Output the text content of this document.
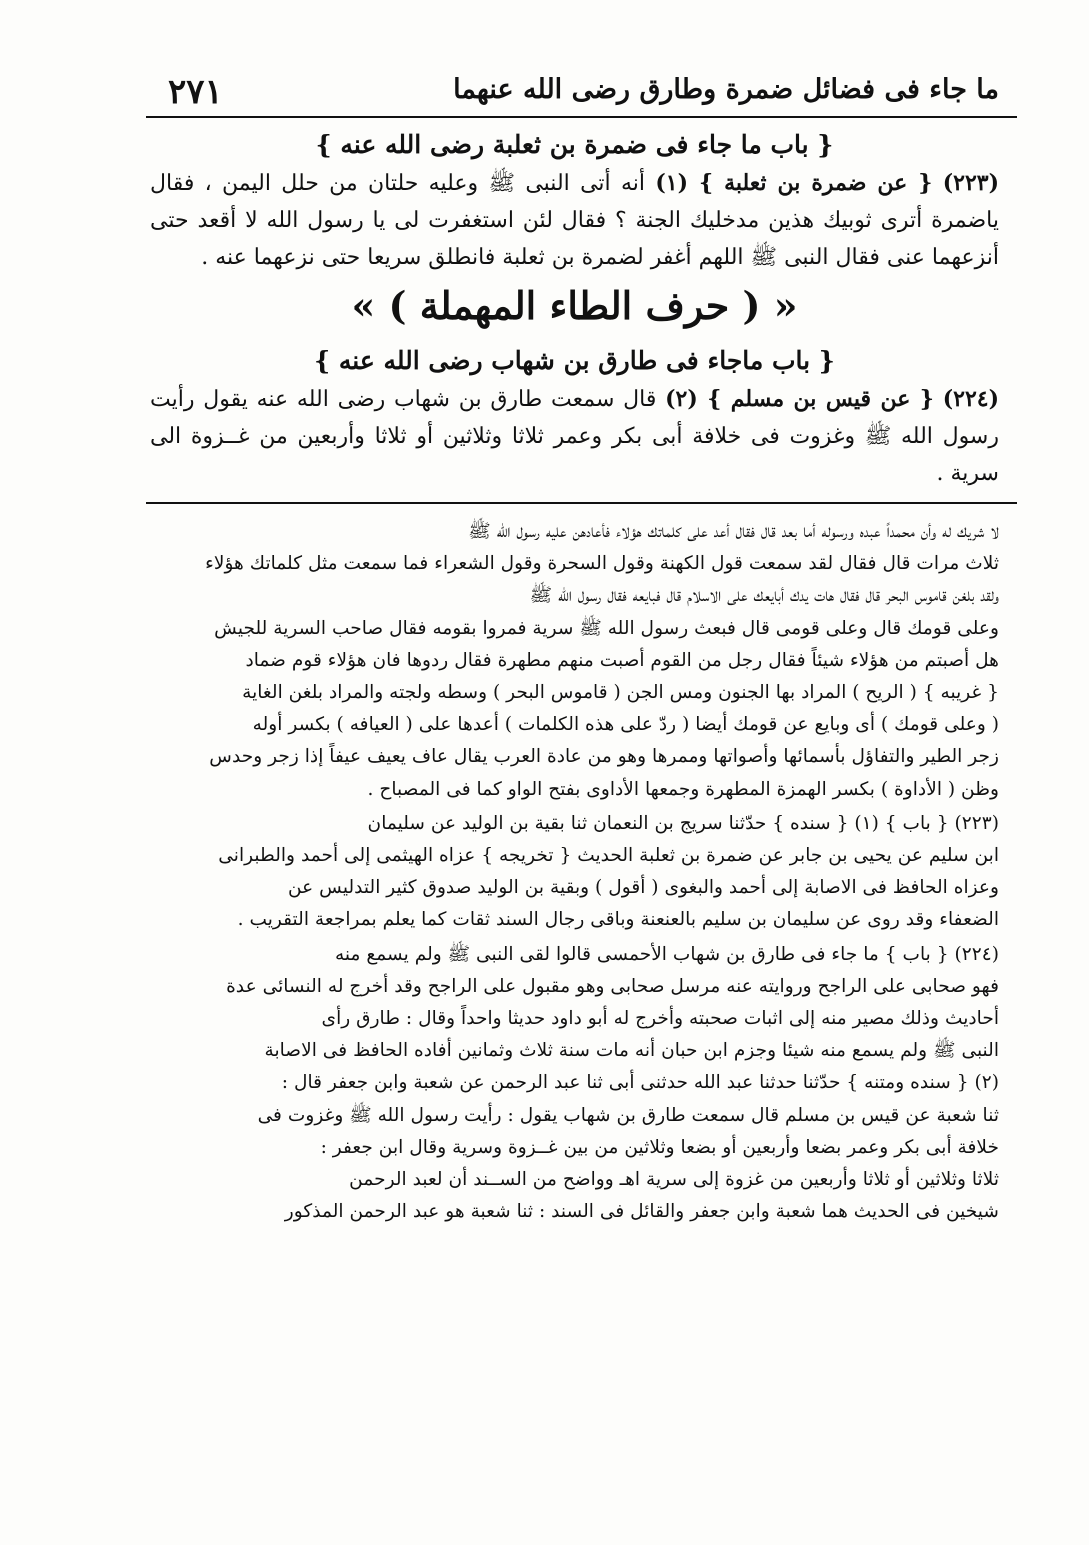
ما جاء فى فضائل ضمرة وطارق رضى الله عنهما
٢٧١
{ باب ما جاء فى ضمرة بن ثعلبة رضى الله عنه }

(٢٢٣) { عن ضمرة بن ثعلبة } (١) أنه أتى النبى ﷺ وعليه حلتان من حلل اليمن ، فقال ياضمرة أترى ثوبيك هذين مدخليك الجنة ؟ فقال لئن استغفرت لى يا رسول الله لا أقعد حتى أنزعهما عنى فقال النبى ﷺ اللهم أغفر لضمرة بن ثعلبة فانطلق سريعا حتى نزعهما عنه .

« ( حرف الطاء المهملة ) »
{ باب ماجاء فى طارق بن شهاب رضى الله عنه }

(٢٢٤) { عن قيس بن مسلم } (٢) قال سمعت طارق بن شهاب رضى الله عنه يقول رأيت رسول الله ﷺ وغزوت فى خلافة أبى بكر وعمر ثلاثا وثلاثين أو ثلاثا وأربعين من غــزوة الى سرية .

لا شريك له وأن محمداً عبده ورسوله أما بعد قال فقال أعد على كلماتك هؤلاء فأعادهن عليه رسول الله ﷺ

ثلاث مرات قال فقال لقد سمعت قول الكهنة وقول السحرة وقول الشعراء فما سمعت مثل كلماتك هؤلاء

ولقد بلغن قاموس البحر قال فقال هات يدك أبايعك على الاسلام قال فبايعه فقال رسول الله ﷺ

وعلى قومك قال وعلى قومى قال فبعث رسول الله ﷺ سرية فمروا بقومه فقال صاحب السرية للجيش

هل أصبتم من هؤلاء شيئاً فقال رجل من القوم أصبت منهم مطهرة فقال ردوها فان هؤلاء قوم ضماد

{ غريبه } ( الريح ) المراد بها الجنون ومس الجن ( قاموس البحر ) وسطه ولجته والمراد بلغن الغاية

( وعلى قومك ) أى وبايع عن قومك أيضا ( ردّ على هذه الكلمات ) أعدها على ( العيافه ) بكسر أوله

زجر الطير والتفاؤل بأسمائها وأصواتها وممرها وهو من عادة العرب يقال عاف يعيف عيفاً إذا زجر وحدس

وظن ( الأداوة ) بكسر الهمزة المطهرة وجمعها الأداوى بفتح الواو كما فى المصباح .

(٢٢٣) { باب } (١) { سنده } حدّثنا سريج بن النعمان ثنا بقية بن الوليد عن سليمان

ابن سليم عن يحيى بن جابر عن ضمرة بن ثعلبة الحديث { تخريجه } عزاه الهيثمى إلى أحمد والطبرانى

وعزاه الحافظ فى الاصابة إلى أحمد والبغوى ( أقول ) وبقية بن الوليد صدوق كثير التدليس عن

الضعفاء وقد روى عن سليمان بن سليم بالعنعنة وباقى رجال السند ثقات كما يعلم بمراجعة التقريب .

(٢٢٤) { باب } ما جاء فى طارق بن شهاب الأحمسى قالوا لقى النبى ﷺ ولم يسمع منه

فهو صحابى على الراجح وروايته عنه مرسل صحابى وهو مقبول على الراجح وقد أخرج له النسائى عدة

أحاديث وذلك مصير منه إلى اثبات صحبته وأخرج له أبو داود حديثا واحداً وقال : طارق رأى

النبى ﷺ ولم يسمع منه شيئا وجزم ابن حبان أنه مات سنة ثلاث وثمانين أفاده الحافظ فى الاصابة

(٢) { سنده ومتنه } حدّثنا حدثنا عبد الله حدثنى أبى ثنا عبد الرحمن عن شعبة وابن جعفر قال :

ثنا شعبة عن قيس بن مسلم قال سمعت طارق بن شهاب يقول : رأيت رسول الله ﷺ وغزوت فى

خلافة أبى بكر وعمر بضعا وأربعين أو بضعا وثلاثين من بين غــزوة وسرية وقال ابن جعفر :

ثلاثا وثلاثين أو ثلاثا وأربعين من غزوة إلى سرية اهـ وواضح من الســند أن لعبد الرحمن

شيخين فى الحديث هما شعبة وابن جعفر والقائل فى السند : ثنا شعبة هو عبد الرحمن المذكور
